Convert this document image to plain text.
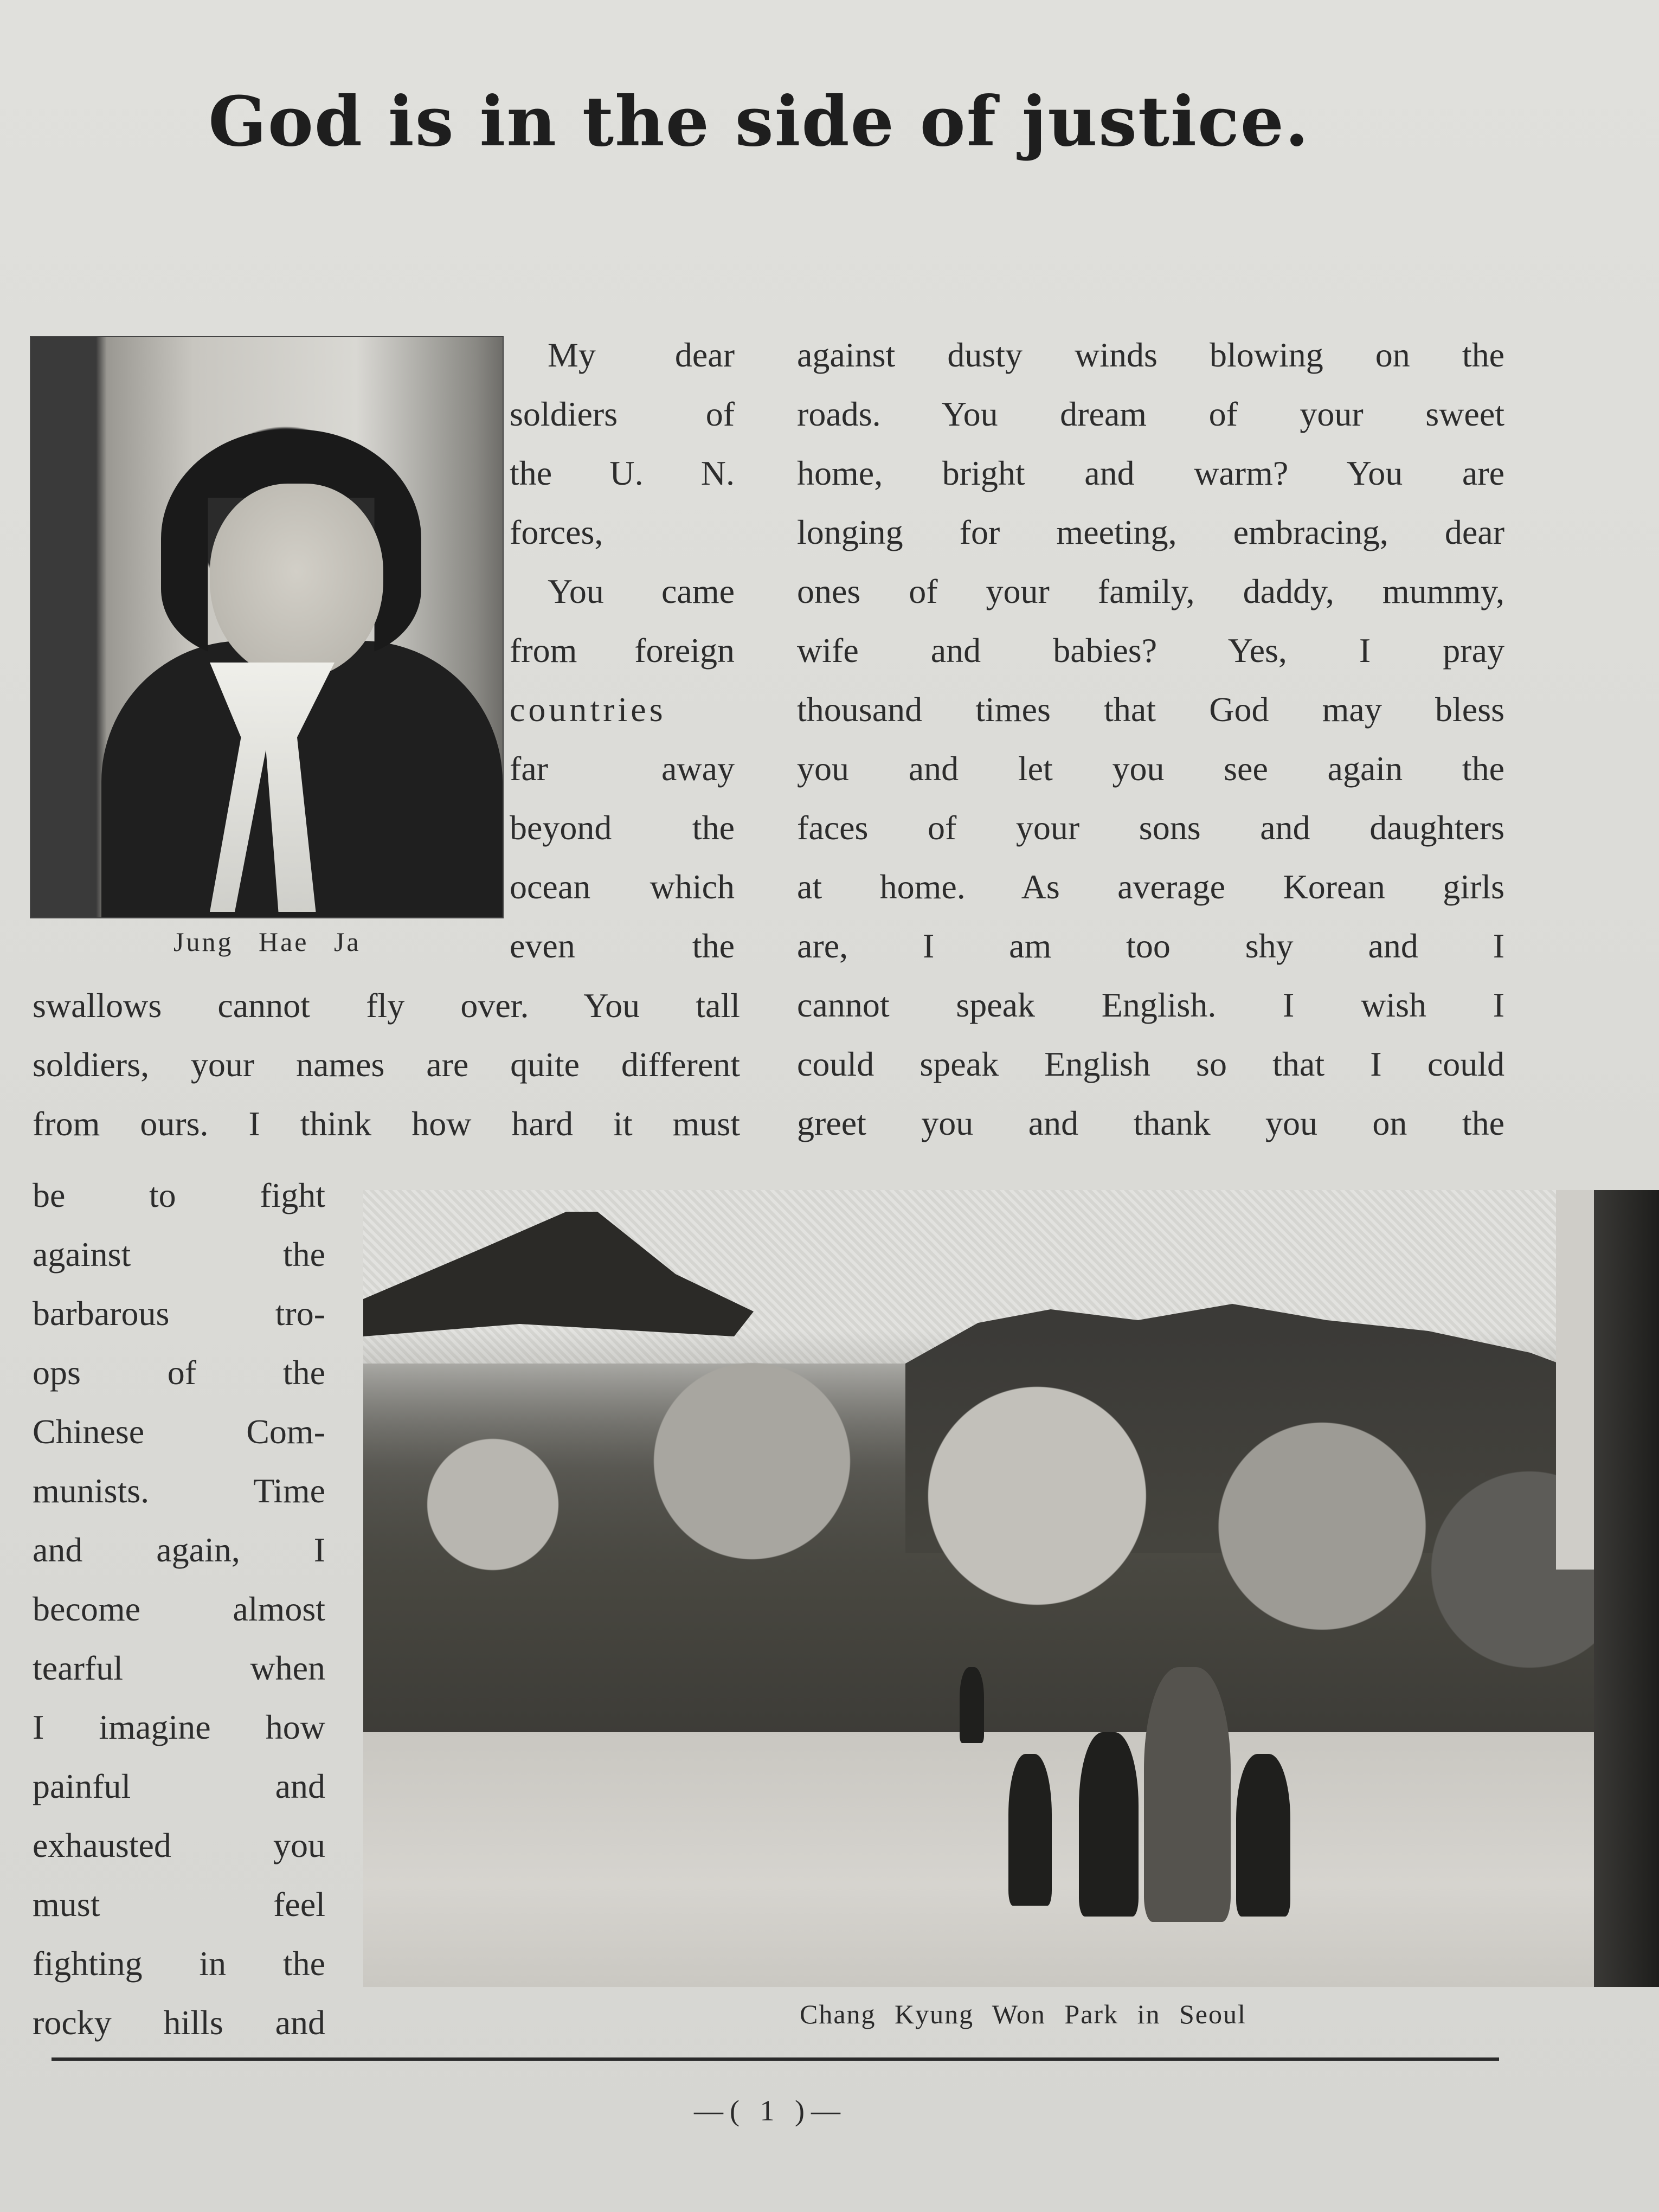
God is in the side of justice.
Jung Hae Ja
My dear
soldiers of
the U. N.
forces,
You came
from foreign
countries
far away
beyond the
ocean which
even the
swallows cannot fly over. You tall
soldiers, your names are quite different
from ours. I think how hard it must
be to fight
against the
barbarous tro-
ops of the
Chinese Com-
munists. Time
and again, I
become almost
tearful when
I imagine how
painful and
exhausted you
must feel
fighting in the
rocky hills and
against dusty winds blowing on the
roads. You dream of your sweet
home, bright and warm? You are
longing for meeting, embracing, dear
ones of your family, daddy, mummy,
wife and babies? Yes, I pray
thousand times that God may bless
you and let you see again the
faces of your sons and daughters
at home. As average Korean girls
are, I am too shy and I
cannot speak English. I wish I
could speak English so that I could
greet you and thank you on the
Chang Kyung Won Park in Seoul
—( 1 )—
